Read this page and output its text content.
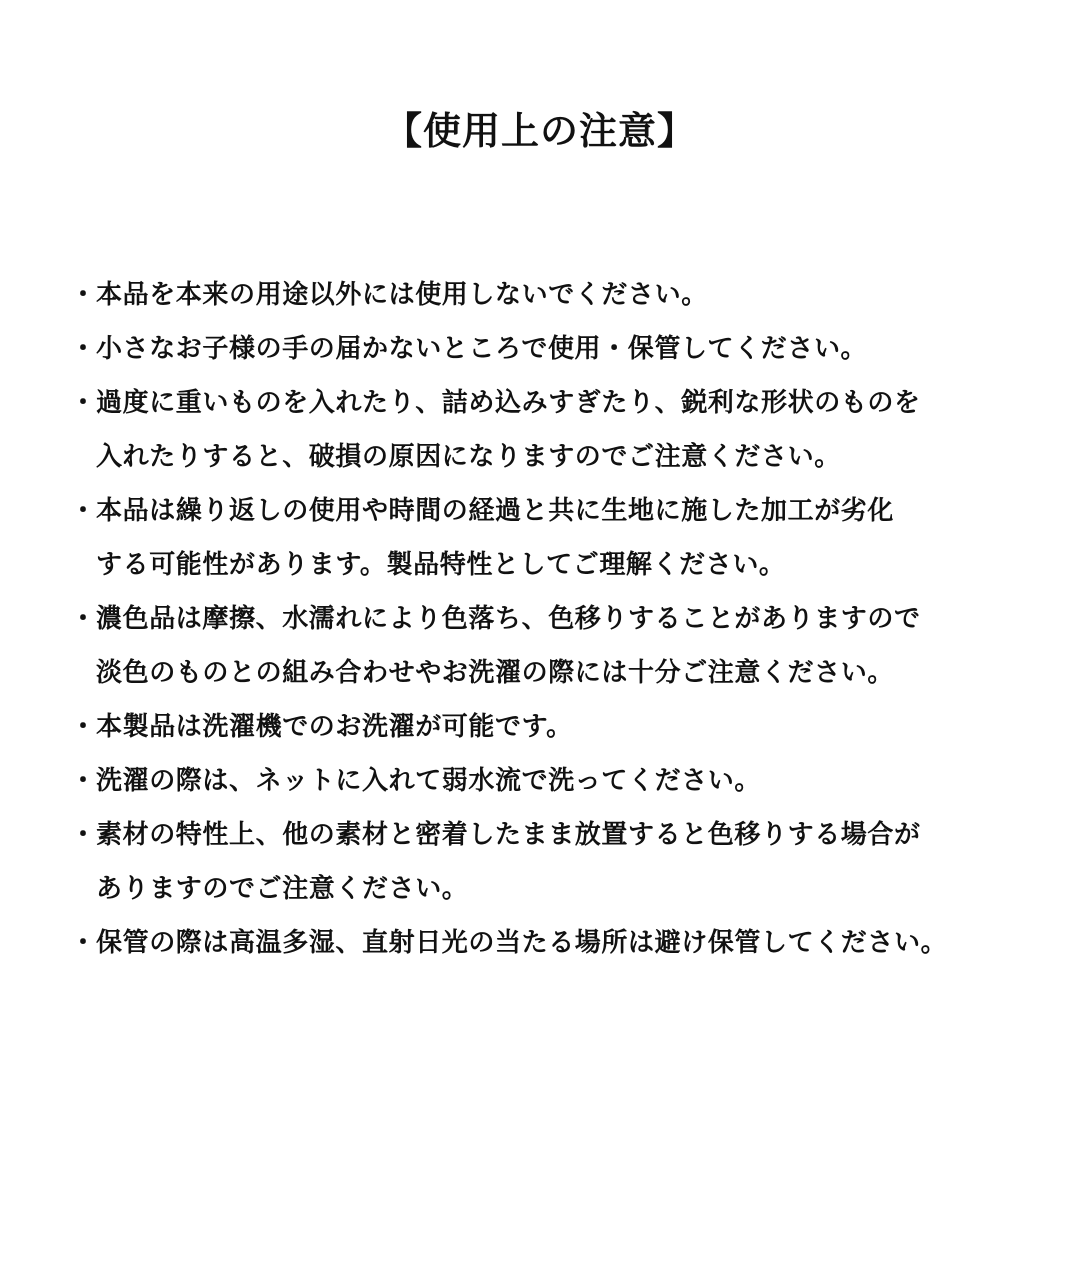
【使用上の注意】
・ 本品を本来の用途以外には使用しないでください。
・ 小さなお子様の手の届かないところで使用・保管してください。
・ 過度に重いものを入れたり、詰め込みすぎたり、鋭利な形状のものを
入れたりすると、破損の原因になりますのでご注意ください。
・ 本品は繰り返しの使用や時間の経過と共に生地に施した加工が劣化
する可能性があります。製品特性としてご理解ください。
・ 濃色品は摩擦、水濡れにより色落ち、色移りすることがありますので
淡色のものとの組み合わせやお洗濯の際には十分ご注意ください。
・ 本製品は洗濯機でのお洗濯が可能です。
・ 洗濯の際は、ネットに入れて弱水流で洗ってください。
・ 素材の特性上、他の素材と密着したまま放置すると色移りする場合が
ありますのでご注意ください。
・ 保管の際は高温多湿、直射日光の当たる場所は避け保管してください。
